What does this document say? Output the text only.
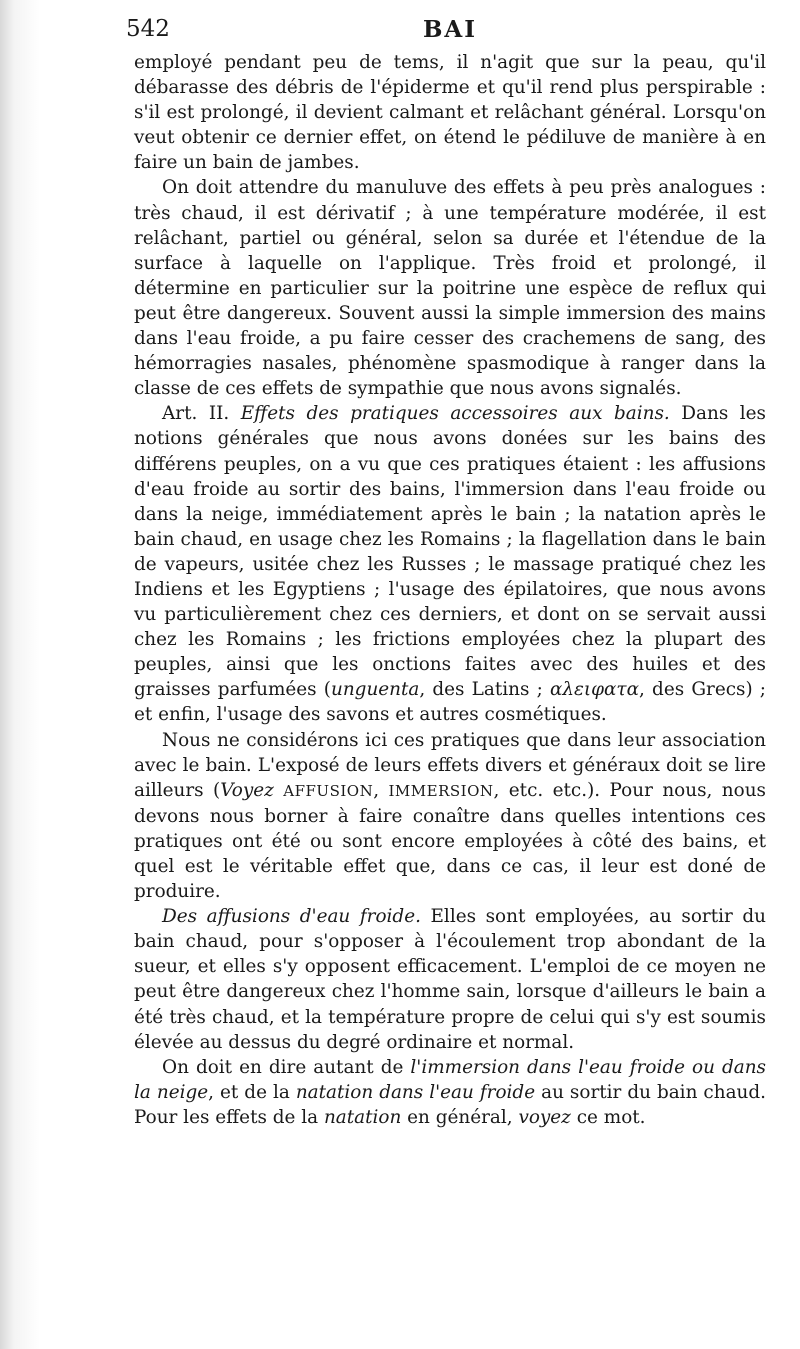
542	BAI

employé pendant peu de tems, il n'agit que sur la peau, qu'il débarasse des débris de l'épiderme et qu'il rend plus perspirable : s'il est prolongé, il devient calmant et relâchant général. Lorsqu'on veut obtenir ce dernier effet, on étend le pédiluve de manière à en faire un bain de jambes.

On doit attendre du manuluve des effets à peu près analogues : très chaud, il est dérivatif ; à une température modérée, il est relâchant, partiel ou général, selon sa durée et l'étendue de la surface à laquelle on l'applique. Très froid et prolongé, il détermine en particulier sur la poitrine une espèce de reflux qui peut être dangereux. Souvent aussi la simple immersion des mains dans l'eau froide, a pu faire cesser des crachemens de sang, des hémorragies nasales, phénomène spasmodique à ranger dans la classe de ces effets de sympathie que nous avons signalés.

Art. II. Effets des pratiques accessoires aux bains. Dans les notions générales que nous avons donées sur les bains des différens peuples, on a vu que ces pratiques étaient : les affusions d'eau froide au sortir des bains, l'immersion dans l'eau froide ou dans la neige, immédiatement après le bain ; la natation après le bain chaud, en usage chez les Romains ; la flagellation dans le bain de vapeurs, usitée chez les Russes ; le massage pratiqué chez les Indiens et les Egyptiens ; l'usage des épilatoires, que nous avons vu particulièrement chez ces derniers, et dont on se servait aussi chez les Romains ; les frictions employées chez la plupart des peuples, ainsi que les onctions faites avec des huiles et des graisses parfumées (unguenta, des Latins ; αλειφατα, des Grecs) ; et enfin, l'usage des savons et autres cosmétiques.

Nous ne considérons ici ces pratiques que dans leur association avec le bain. L'exposé de leurs effets divers et généraux doit se lire ailleurs (Voyez AFFUSION, IMMERSION, etc. etc.). Pour nous, nous devons nous borner à faire conaître dans quelles intentions ces pratiques ont été ou sont encore employées à côté des bains, et quel est le véritable effet que, dans ce cas, il leur est doné de produire.

Des affusions d'eau froide. Elles sont employées, au sortir du bain chaud, pour s'opposer à l'écoulement trop abondant de la sueur, et elles s'y opposent efficacement. L'emploi de ce moyen ne peut être dangereux chez l'homme sain, lorsque d'ailleurs le bain a été très chaud, et la température propre de celui qui s'y est soumis élevée au dessus du degré ordinaire et normal.

On doit en dire autant de l'immersion dans l'eau froide ou dans la neige, et de la natation dans l'eau froide au sortir du bain chaud. Pour les effets de la natation en général, voyez ce mot.
